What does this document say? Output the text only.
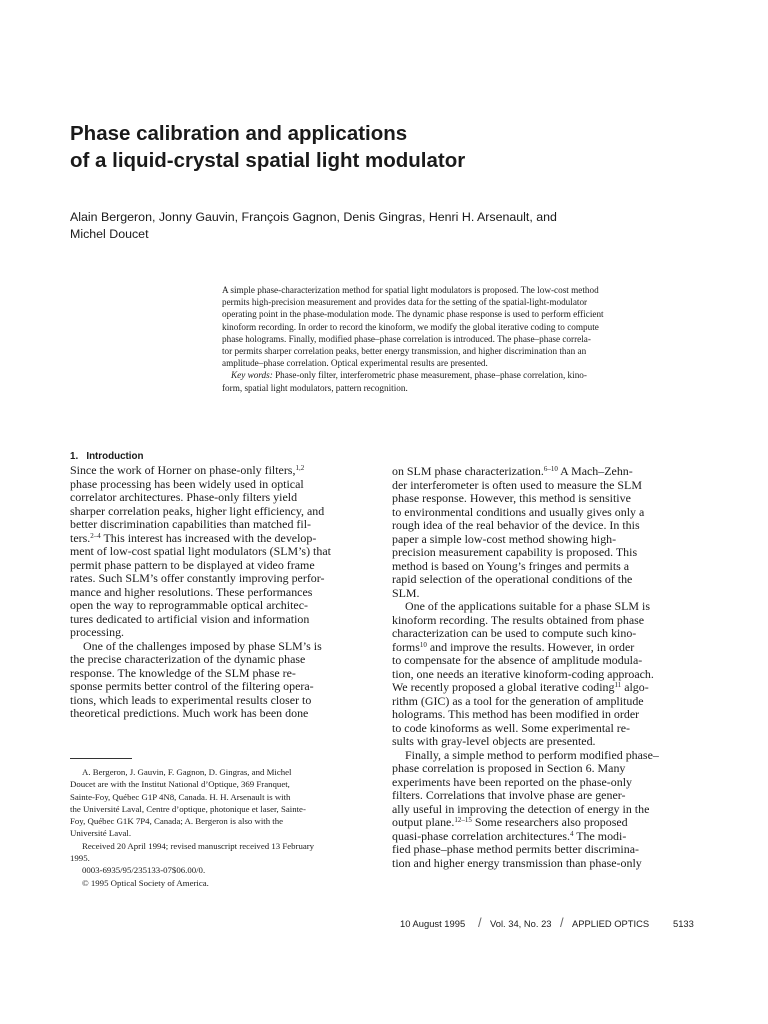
Phase calibration and applications
of a liquid-crystal spatial light modulator
Alain Bergeron, Jonny Gauvin, François Gagnon, Denis Gingras, Henri H. Arsenault, and
Michel Doucet
A simple phase-characterization method for spatial light modulators is proposed. The low-cost method
permits high-precision measurement and provides data for the setting of the spatial-light-modulator
operating point in the phase-modulation mode. The dynamic phase response is used to perform efficient
kinoform recording. In order to record the kinoform, we modify the global iterative coding to compute
phase holograms. Finally, modified phase–phase correlation is introduced. The phase–phase correla-
tor permits sharper correlation peaks, better energy transmission, and higher discrimination than an
amplitude–phase correlation. Optical experimental results are presented.
Key words: Phase-only filter, interferometric phase measurement, phase–phase correlation, kino-
form, spatial light modulators, pattern recognition.
1. Introduction
Since the work of Horner on phase-only filters,$^{1,2}$
phase processing has been widely used in optical
correlator architectures. Phase-only filters yield
sharper correlation peaks, higher light efficiency, and
better discrimination capabilities than matched fil-
ters.$^{2-4}$ This interest has increased with the develop-
ment of low-cost spatial light modulators (SLM’s) that
permit phase pattern to be displayed at video frame
rates. Such SLM’s offer constantly improving perfor-
mance and higher resolutions. These performances
open the way to reprogrammable optical architec-
tures dedicated to artificial vision and information
processing.
One of the challenges imposed by phase SLM’s is
the precise characterization of the dynamic phase
response. The knowledge of the SLM phase re-
sponse permits better control of the filtering opera-
tions, which leads to experimental results closer to
theoretical predictions. Much work has been done
on SLM phase characterization.$^{6-10}$ A Mach–Zehn-
der interferometer is often used to measure the SLM
phase response. However, this method is sensitive
to environmental conditions and usually gives only a
rough idea of the real behavior of the device. In this
paper a simple low-cost method showing high-
precision measurement capability is proposed. This
method is based on Young’s fringes and permits a
rapid selection of the operational conditions of the
SLM.
One of the applications suitable for a phase SLM is
kinoform recording. The results obtained from phase
characterization can be used to compute such kino-
forms$^{10}$ and improve the results. However, in order
to compensate for the absence of amplitude modula-
tion, one needs an iterative kinoform-coding approach.
We recently proposed a global iterative coding$^{11}$ algo-
rithm (GIC) as a tool for the generation of amplitude
holograms. This method has been modified in order
to code kinoforms as well. Some experimental re-
sults with gray-level objects are presented.
Finally, a simple method to perform modified phase–
phase correlation is proposed in Section 6. Many
experiments have been reported on the phase-only
filters. Correlations that involve phase are gener-
ally useful in improving the detection of energy in the
output plane.$^{12-15}$ Some researchers also proposed
quasi-phase correlation architectures.$^4$ The modi-
fied phase–phase method permits better discrimina-
tion and higher energy transmission than phase-only
A. Bergeron, J. Gauvin, F. Gagnon, D. Gingras, and Michel
Doucet are with the Institut National d’Optique, 369 Franquet,
Sainte-Foy, Québec G1P 4N8, Canada. H. H. Arsenault is with
the Université Laval, Centre d’optique, photonique et laser, Sainte-
Foy, Québec G1K 7P4, Canada; A. Bergeron is also with the
Université Laval.
Received 20 April 1994; revised manuscript received 13 February
1995.
0003-6935/95/235133-07$06.00/0.
© 1995 Optical Society of America.
10 August 1995 / Vol. 34, No. 23 / APPLIED OPTICS	5133
